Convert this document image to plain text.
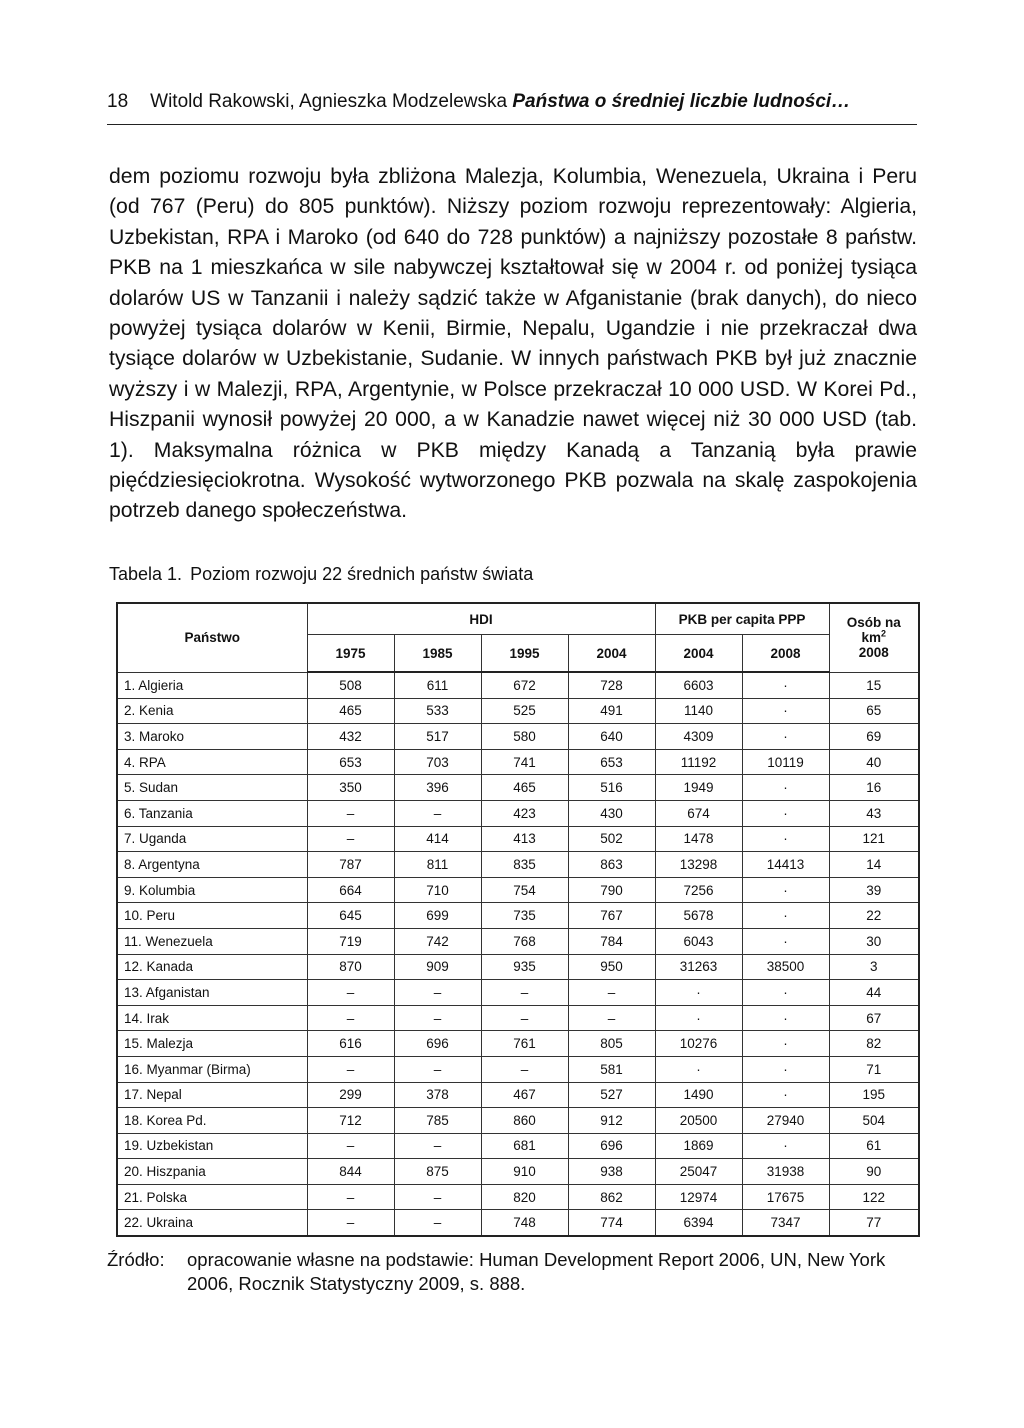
18 Witold Rakowski, Agnieszka Modzelewska Państwa o średniej liczbie ludności…
dem poziomu rozwoju była zbliżona Malezja, Kolumbia, Wenezuela, Ukraina i Peru (od 767 (Peru) do 805 punktów). Niższy poziom rozwoju reprezentowały: Algieria, Uzbekistan, RPA i Maroko (od 640 do 728 punktów) a najniższy pozostałe 8 państw. PKB na 1 mieszkańca w sile nabywczej kształtował się w 2004 r. od poniżej tysiąca dolarów US w Tanzanii i należy sądzić także w Afganistanie (brak danych), do nieco powyżej tysiąca dolarów w Kenii, Birmie, Nepalu, Ugandzie i nie przekraczał dwa tysiące dolarów w Uzbekistanie, Sudanie. W innych państwach PKB był już znacznie wyższy i w Malezji, RPA, Argentynie, w Polsce przekraczał 10 000 USD. W Korei Pd., Hiszpanii wynosił powyżej 20 000, a w Kanadzie nawet więcej niż 30 000 USD (tab. 1). Maksymalna różnica w PKB między Kanadą a Tanzanią była prawie pięćdziesięciokrotna. Wysokość wytworzonego PKB pozwala na skalę zaspokojenia potrzeb danego społeczeństwa.
Tabela 1. Poziom rozwoju 22 średnich państw świata
Państwo	HDI				PKB per capita PPP		Osób na
$km^2$
2008

	1975	1985	1995	2004	2004	2008	
1. Algieria	508	611	672	728	6603	·	15
2. Kenia	465	533	525	491	1140	·	65
3. Maroko	432	517	580	640	4309	·	69
4. RPA	653	703	741	653	11192	10119	40
5. Sudan	350	396	465	516	1949	·	16
6. Tanzania	–	–	423	430	674	·	43
7. Uganda	–	414	413	502	1478	·	121
8. Argentyna	787	811	835	863	13298	14413	14
9. Kolumbia	664	710	754	790	7256	·	39
10. Peru	645	699	735	767	5678	·	22
11. Wenezuela	719	742	768	784	6043	·	30
12. Kanada	870	909	935	950	31263	38500	3
13. Afganistan	–	–	–	–	·	·	44
14. Irak	–	–	–	–	·	·	67
15. Malezja	616	696	761	805	10276	·	82
16. Myanmar (Birma)	–	–	–	581	·	·	71
17. Nepal	299	378	467	527	1490	·	195
18. Korea Pd.	712	785	860	912	20500	27940	504
19. Uzbekistan	–	–	681	696	1869	·	61
20. Hiszpania	844	875	910	938	25047	31938	90
21. Polska	–	–	820	862	12974	17675	122
22. Ukraina	–	–	748	774	6394	7347	77
Źródło: opracowanie własne na podstawie: Human Development Report 2006, UN, New York 2006, Rocznik Statystyczny 2009, s. 888.
